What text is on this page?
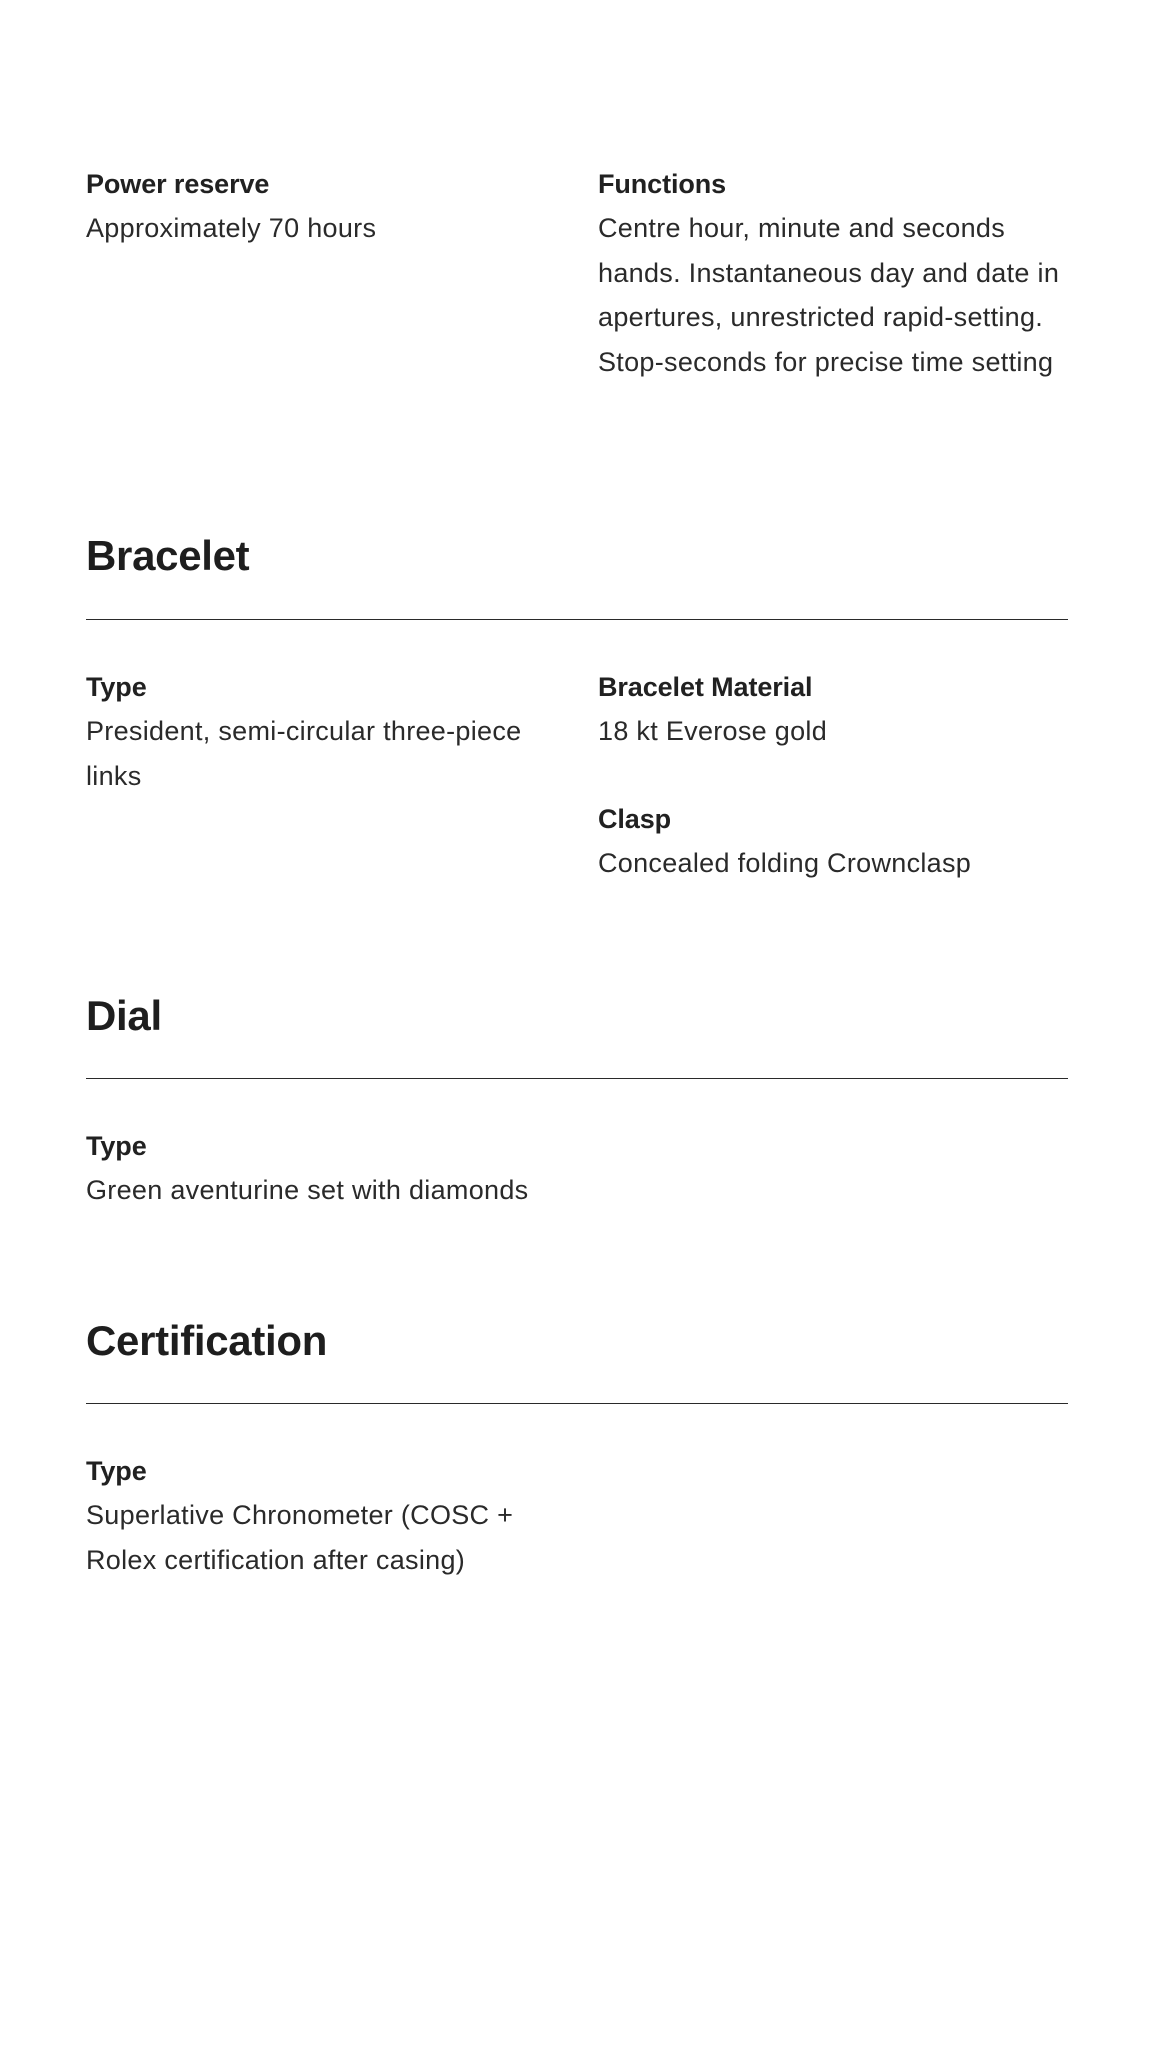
Power reserve
Approximately 70 hours
Functions
Centre hour, minute and seconds hands. Instantaneous day and date in apertures, unrestricted rapid-setting. Stop-seconds for precise time setting
Bracelet
Type
President, semi-circular three-piece links
Bracelet Material
18 kt Everose gold
Clasp
Concealed folding Crownclasp
Dial
Type
Green aventurine set with diamonds
Certification
Type
Superlative Chronometer (COSC + Rolex certification after casing)
